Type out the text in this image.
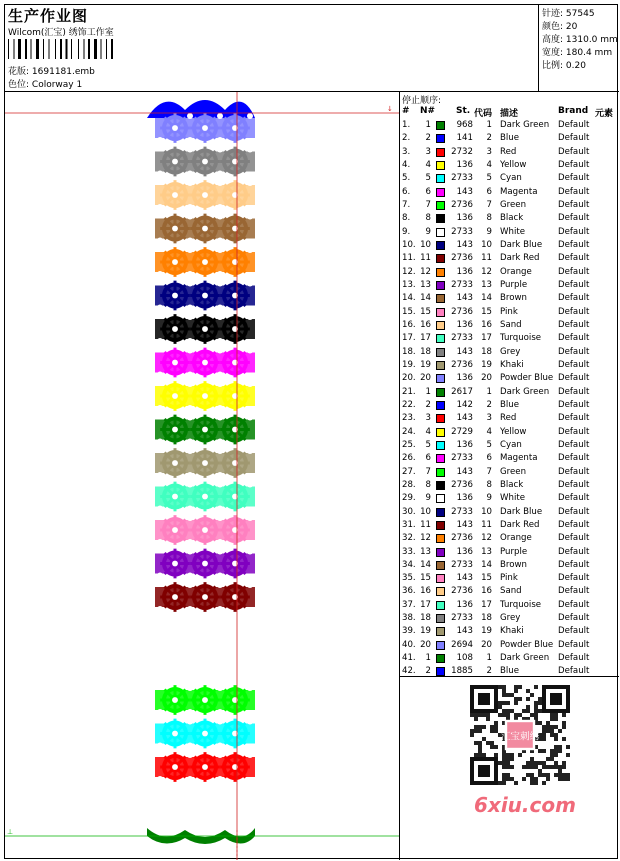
生产作业图
Wilcom(汇宝) 绣饰工作室
花版: 1691181.emb
色位: Colorway 1
针迹: 57545
颜色: 20
高度: 1310.0 mm
宽度: 180.4 mm
比例: 0.20
↓
⊥
停止顺序:
# N# St. 代码 描述	Brand 元素
1.	1	968	1 Dark Green Default
2.	2	141	2 Blue	Default
3.	3	2732	3 Red	Default
4.	4	136	4 Yellow	Default
5.	5	2733	5 Cyan	Default
6.	6	143	6 Magenta Default
7.	7	2736	7 Green	Default
8.	8	136	8 Black	Default
9.	9	2733	9 White	Default
10. 10	143 10 Dark Blue Default
11. 11	2736 11 Dark Red Default
12. 12	136 12 Orange	Default
13. 13	2733 13 Purple	Default
14. 14	143 14 Brown	Default
15. 15	2736 15 Pink	Default
16. 16	136 16 Sand	Default
17. 17	2733 17 Turquoise Default
18. 18	143 18 Grey	Default
19. 19	2736 19 Khaki	Default
20. 20	136 20 Powder Blue Default
21.	1	2617	1 Dark Green Default
22.	2	142	2 Blue	Default
23.	3	143	3 Red	Default
24.	4	2729	4 Yellow	Default
25.	5	136	5 Cyan	Default
26.	6	2733	6 Magenta Default
27.	7	143	7 Green	Default
28.	8	2736	8 Black	Default
29.	9	136	9 White	Default
30. 10	2733 10 Dark Blue Default
31. 11	143 11 Dark Red Default
32. 12	2736 12 Orange	Default
33. 13	136 13 Purple	Default
34. 14	2733 14 Brown	Default
35. 15	143 15 Pink	Default
36. 16	2736 16 Sand	Default
37. 17	136 17 Turquoise Default
38. 18	2733 18 Grey	Default
39. 19	143 19 Khaki	Default
40. 20	2694 20 Powder Blue Default
41.	1	108	1 Dark Green Default
42.	2	1885	2 Blue	Default
汇宝刺绣
6xiu.com
